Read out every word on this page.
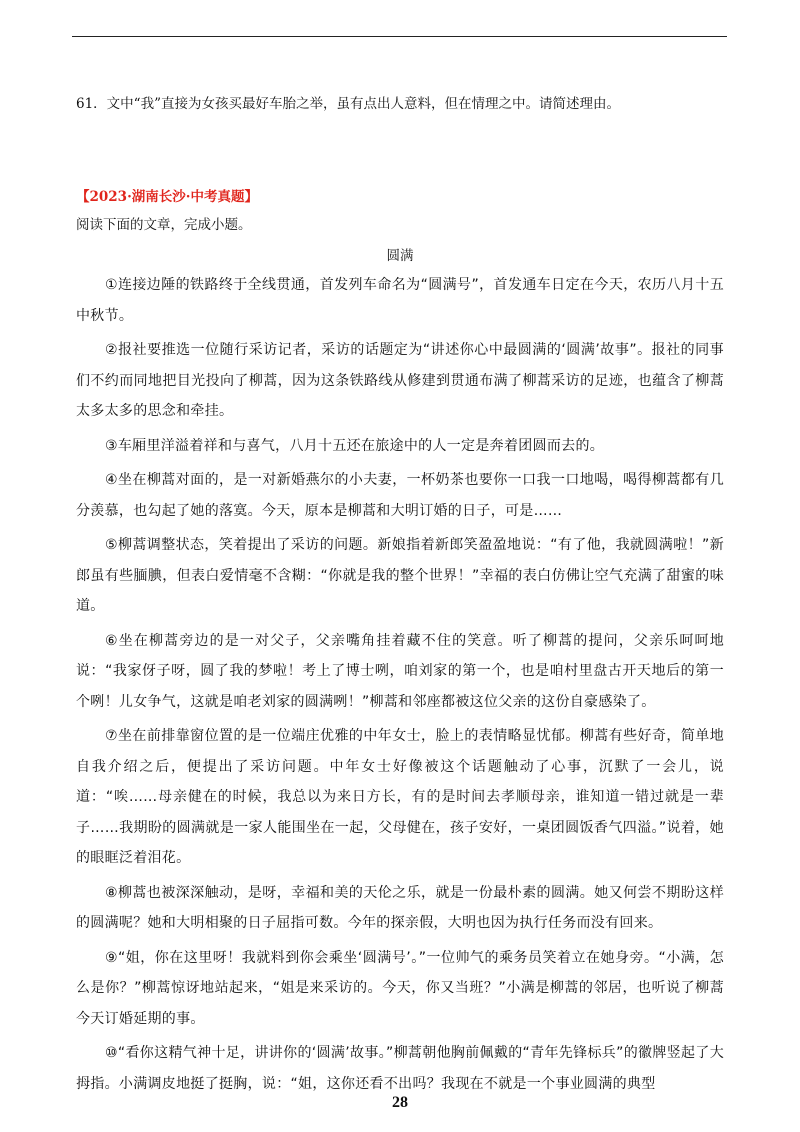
61．文中“我”直接为女孩买最好车胎之举，虽有点出人意料，但在情理之中。请简述理由。
【2023·湖南长沙·中考真题】
阅读下面的文章，完成小题。
圆满

①连接边陲的铁路终于全线贯通，首发列车命名为“圆满号”，首发通车日定在今天，农历八月十五中秋节。

②报社要推选一位随行采访记者，采访的话题定为“讲述你心中最圆满的‘圆满’故事”。报社的同事们不约而同地把目光投向了柳蒿，因为这条铁路线从修建到贯通布满了柳蒿采访的足迹，也蕴含了柳蒿太多太多的思念和牵挂。

③车厢里洋溢着祥和与喜气，八月十五还在旅途中的人一定是奔着团圆而去的。

④坐在柳蒿对面的，是一对新婚燕尔的小夫妻，一杯奶茶也要你一口我一口地喝，喝得柳蒿都有几分羡慕，也勾起了她的落寞。今天，原本是柳蒿和大明订婚的日子，可是……

⑤柳蒿调整状态，笑着提出了采访的问题。新娘指着新郎笑盈盈地说：“有了他，我就圆满啦！”新郎虽有些腼腆，但表白爱情毫不含糊：“你就是我的整个世界！”幸福的表白仿佛让空气充满了甜蜜的味道。

⑥坐在柳蒿旁边的是一对父子，父亲嘴角挂着藏不住的笑意。听了柳蒿的提问，父亲乐呵呵地说：“我家伢子呀，圆了我的梦啦！考上了博士咧，咱刘家的第一个，也是咱村里盘古开天地后的第一个咧！儿女争气，这就是咱老刘家的圆满咧！”柳蒿和邻座都被这位父亲的这份自豪感染了。

⑦坐在前排靠窗位置的是一位端庄优雅的中年女士，脸上的表情略显忧郁。柳蒿有些好奇，简单地自我介绍之后，便提出了采访问题。中年女士好像被这个话题触动了心事，沉默了一会儿，说道：“唉……母亲健在的时候，我总以为来日方长，有的是时间去孝顺母亲，谁知道一错过就是一辈子……我期盼的圆满就是一家人能围坐在一起，父母健在，孩子安好，一桌团圆饭香气四溢。”说着，她的眼眶泛着泪花。

⑧柳蒿也被深深触动，是呀，幸福和美的天伦之乐，就是一份最朴素的圆满。她又何尝不期盼这样的圆满呢？她和大明相聚的日子屈指可数。今年的探亲假，大明也因为执行任务而没有回来。

⑨“姐，你在这里呀！我就料到你会乘坐‘圆满号’。”一位帅气的乘务员笑着立在她身旁。“小满，怎么是你？”柳蒿惊讶地站起来，“姐是来采访的。今天，你又当班？”小满是柳蒿的邻居，也听说了柳蒿今天订婚延期的事。

⑩“看你这精气神十足，讲讲你的‘圆满’故事。”柳蒿朝他胸前佩戴的“青年先锋标兵”的徽牌竖起了大拇指。小满调皮地挺了挺胸，说：“姐，这你还看不出吗？我现在不就是一个事业圆满的典型

28
